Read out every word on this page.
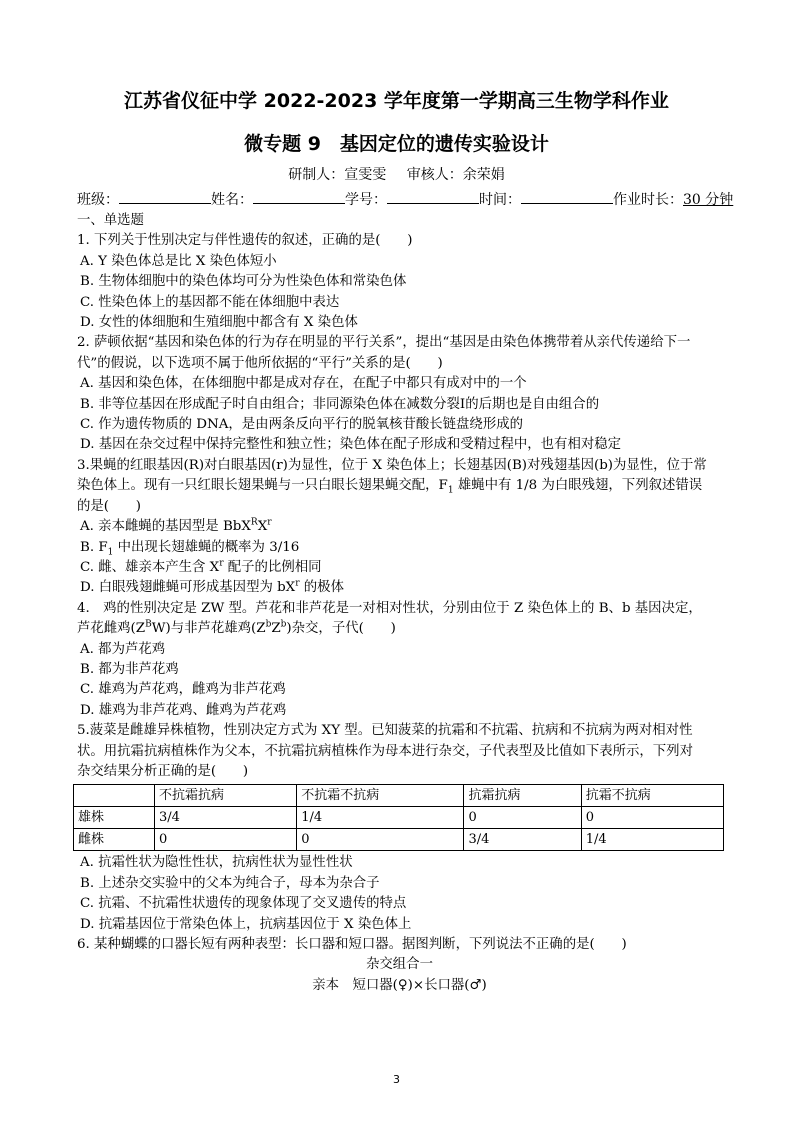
江苏省仪征中学 2022-2023 学年度第一学期高三生物学科作业
微专题 9　基因定位的遗传实验设计
研制人：宣雯雯 审核人：余荣娟
班级：	姓名：	学号：	时间：	作业时长：30 分钟
一、单选题
1. 下列关于性别决定与伴性遗传的叙述，正确的是(　　)
A. Y 染色体总是比 X 染色体短小
B. 生物体细胞中的染色体均可分为性染色体和常染色体
C. 性染色体上的基因都不能在体细胞中表达
D. 女性的体细胞和生殖细胞中都含有 X 染色体
2. 萨顿依据“基因和染色体的行为存在明显的平行关系”，提出“基因是由染色体携带着从亲代传递给下一
代”的假说，以下选项不属于他所依据的“平行”关系的是(　　)
A. 基因和染色体，在体细胞中都是成对存在，在配子中都只有成对中的一个
B. 非等位基因在形成配子时自由组合；非同源染色体在减数分裂Ⅰ的后期也是自由组合的
C. 作为遗传物质的 DNA，是由两条反向平行的脱氧核苷酸长链盘绕形成的
D. 基因在杂交过程中保持完整性和独立性；染色体在配子形成和受精过程中，也有相对稳定
3.果蝇的红眼基因(R)对白眼基因(r)为显性，位于 X 染色体上；长翅基因(B)对残翅基因(b)为显性，位于常
染色体上。现有一只红眼长翅果蝇与一只白眼长翅果蝇交配，$F_1$ 雄蝇中有 1/8 为白眼残翅，下列叙述错误
的是(　　)
A. 亲本雌蝇的基因型是 $BbX^RX^r$
B. $F_1$ 中出现长翅雄蝇的概率为 3/16
C. 雌、雄亲本产生含 $X^r$ 配子的比例相同
D. 白眼残翅雌蝇可形成基因型为 $bX^r$ 的极体
4.　鸡的性别决定是 ZW 型。芦花和非芦花是一对相对性状，分别由位于 Z 染色体上的 B、b 基因决定，
芦花雌鸡$(Z^BW)$与非芦花雄鸡$(Z^bZ^b)$杂交，子代(　　)
A. 都为芦花鸡
B. 都为非芦花鸡
C. 雄鸡为芦花鸡，雌鸡为非芦花鸡
D. 雄鸡为非芦花鸡、雌鸡为芦花鸡
5.菠菜是雌雄异株植物，性别决定方式为 XY 型。已知菠菜的抗霜和不抗霜、抗病和不抗病为两对相对性
状。用抗霜抗病植株作为父本，不抗霜抗病植株作为母本进行杂交，子代表型及比值如下表所示，下列对
杂交结果分析正确的是(　　)
	不抗霜抗病	不抗霜不抗病	抗霜抗病	抗霜不抗病
雄株	3/4	1/4	0	0
雌株	0	0	3/4	1/4
A. 抗霜性状为隐性性状，抗病性状为显性性状
B. 上述杂交实验中的父本为纯合子，母本为杂合子
C. 抗霜、不抗霜性状遗传的现象体现了交叉遗传的特点
D. 抗霜基因位于常染色体上，抗病基因位于 X 染色体上
6. 某种蝴蝶的口器长短有两种表型：长口器和短口器。据图判断，下列说法不正确的是(　　)
杂交组合一
亲本　短口器(♀)×长口器(♂)
3
